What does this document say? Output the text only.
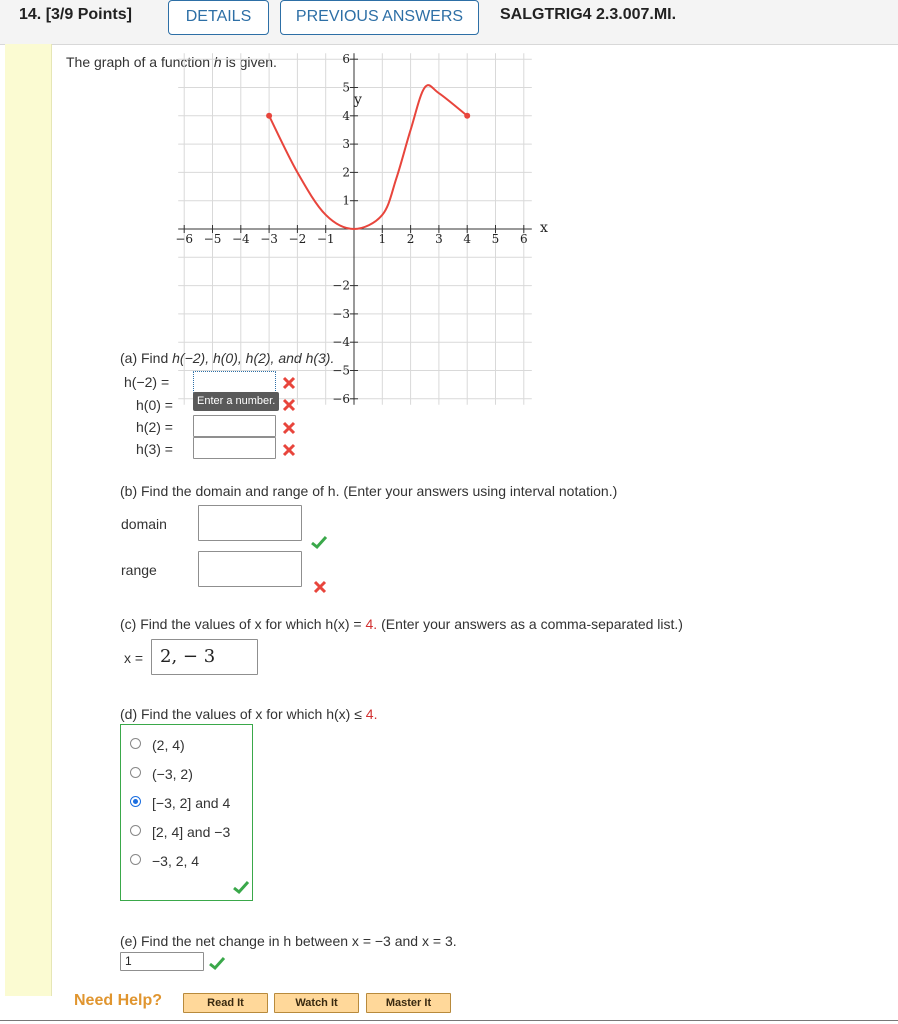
14. [3/9 Points]	DETAILS	PREVIOUS ANSWERS	SALGTRIG4 2.3.007.MI.
The graph of a function h is given.
−6 −5 −4 −3 −2 −1	1 2 3 4 5 6
1
2
3
4
5
6
−2
−3
−4
−5
−6
y
x
(a) Find h(−2), h(0), h(2), and h(3).
h(−2) =
h(0) =	Enter a number.
h(2) =
h(3) =
(b) Find the domain and range of h. (Enter your answers using interval notation.)
domain
range
(c) Find the values of x for which h(x) = 4. (Enter your answers as a comma-separated list.)
x = 2, − 3
(d) Find the values of x for which h(x) ≤ 4.
(2, 4)
(−3, 2)
[−3, 2] and 4
[2, 4] and −3
−3, 2, 4
(e) Find the net change in h between x = −3 and x = 3.
1
Need Help?	Read It	Watch It	Master It
